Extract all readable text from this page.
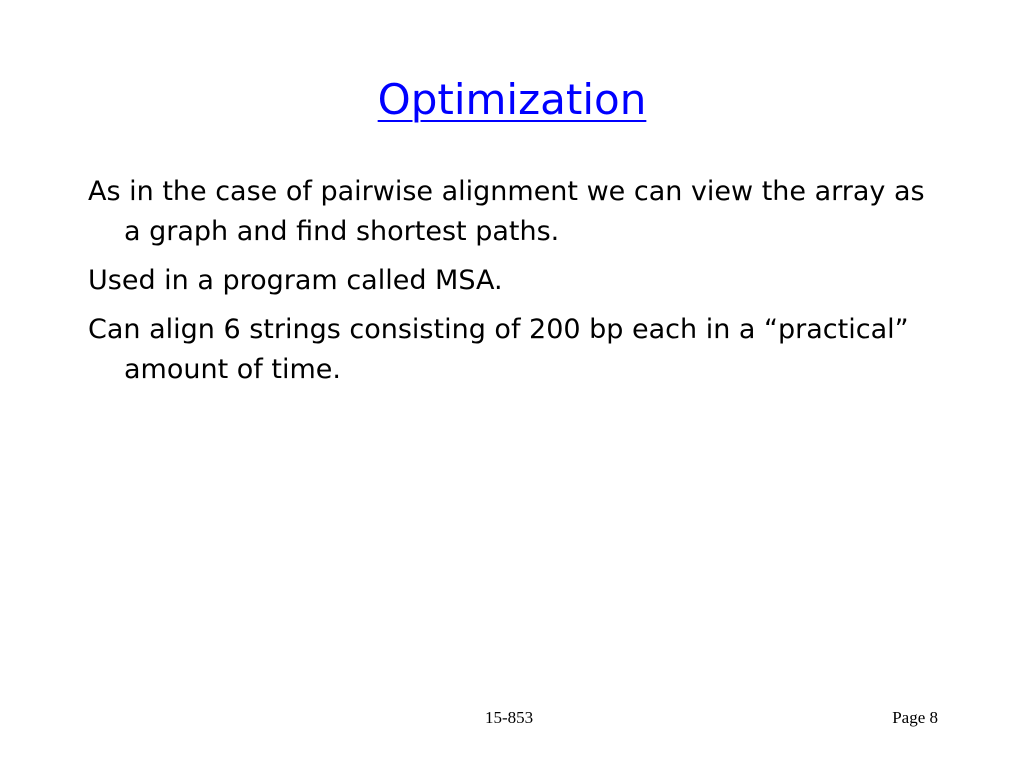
Optimization

As in the case of pairwise alignment we can view the array as a graph and find shortest paths.

Used in a program called MSA.

Can align 6 strings consisting of 200 bp each in a “practical” amount of time.

15-853	Page 8
